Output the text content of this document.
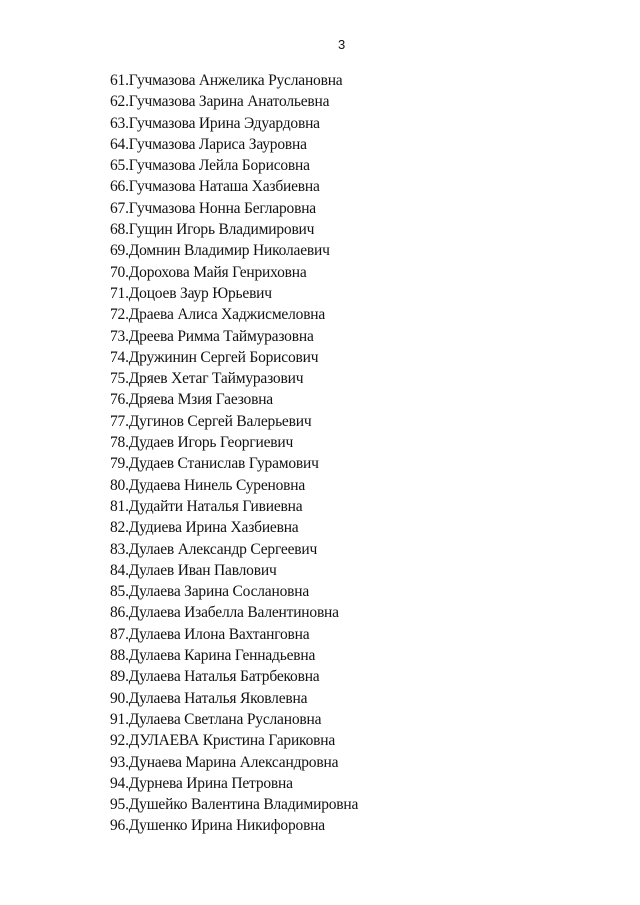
3
61.Гучмазова Анжелика Руслановна
62.Гучмазова Зарина Анатольевна
63.Гучмазова Ирина Эдуардовна
64.Гучмазова Лариса Зауровна
65.Гучмазова Лейла Борисовна
66.Гучмазова Наташа Хазбиевна
67.Гучмазова Нонна Бегларовна
68.Гущин Игорь Владимирович
69.Домнин Владимир Николаевич
70.Дорохова Майя Генриховна
71.Доцоев Заур Юрьевич
72.Драева Алиса Хаджисмеловна
73.Дреева Римма Таймуразовна
74.Дружинин Сергей Борисович
75.Дряев Хетаг Таймуразович
76.Дряева Мзия Гаезовна
77.Дугинов Сергей Валерьевич
78.Дудаев Игорь Георгиевич
79.Дудаев Станислав Гурамович
80.Дудаева Нинель Суреновна
81.Дудайти Наталья Гивиевна
82.Дудиева Ирина Хазбиевна
83.Дулаев Александр Сергеевич
84.Дулаев Иван Павлович
85.Дулаева Зарина Сослановна
86.Дулаева Изабелла Валентиновна
87.Дулаева Илона Вахтанговна
88.Дулаева Карина Геннадьевна
89.Дулаева Наталья Батрбековна
90.Дулаева Наталья Яковлевна
91.Дулаева Светлана Руслановна
92.ДУЛАЕВА Кристина Гариковна
93.Дунаева Марина Александровна
94.Дурнева Ирина Петровна
95.Душейко Валентина Владимировна
96.Душенко Ирина Никифоровна
